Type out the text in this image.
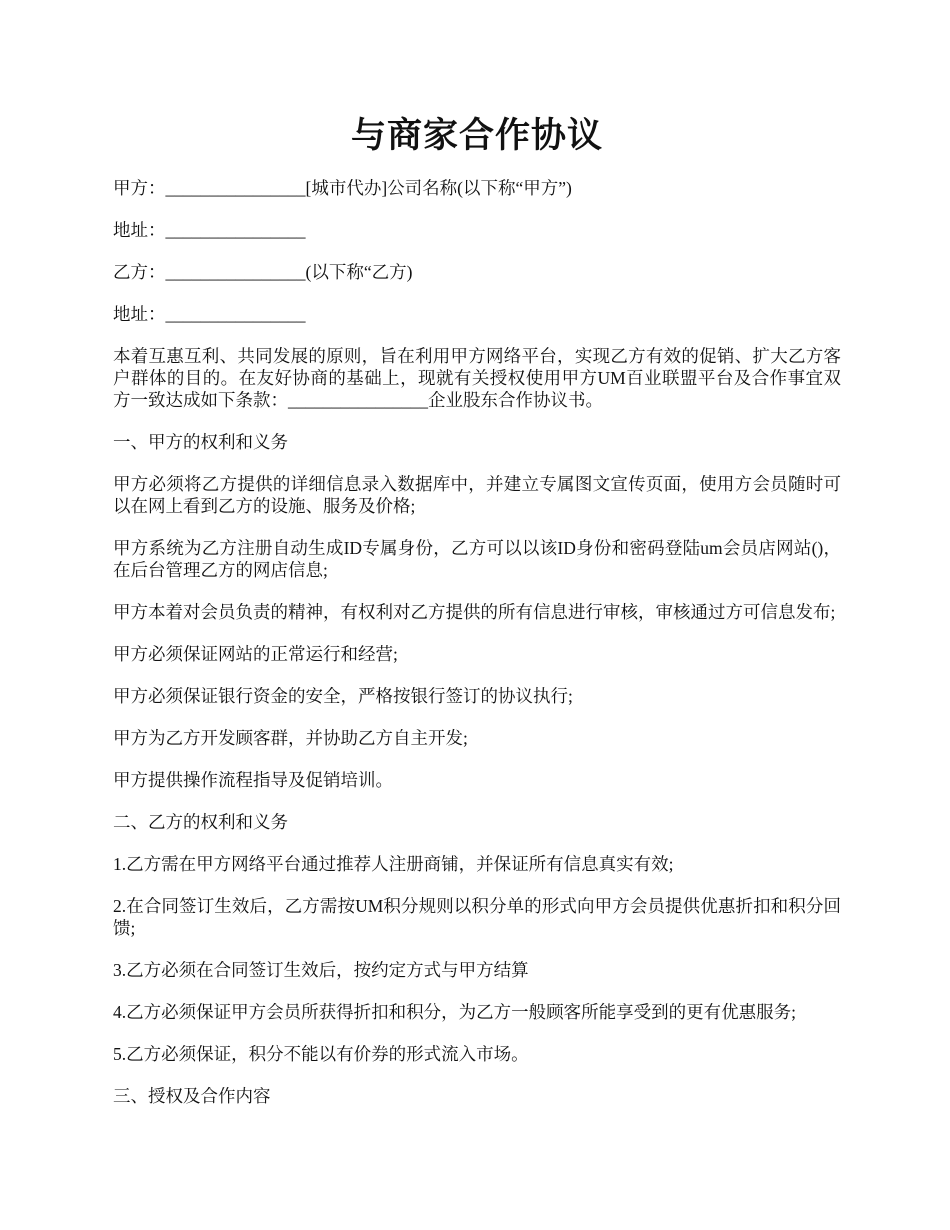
与商家合作协议

甲方：________________[城市代办]公司名称(以下称“甲方”)

地址：________________

乙方：________________(以下称“乙方)

地址：________________

本着互惠互利、共同发展的原则，旨在利用甲方网络平台，实现乙方有效的促销、扩大乙方客户群体的目的。在友好协商的基础上，现就有关授权使用甲方UM百业联盟平台及合作事宜双方一致达成如下条款：________________企业股东合作协议书。

一、甲方的权利和义务

甲方必须将乙方提供的详细信息录入数据库中，并建立专属图文宣传页面，使用方会员随时可以在网上看到乙方的设施、服务及价格;

甲方系统为乙方注册自动生成ID专属身份，乙方可以以该ID身份和密码登陆um会员店网站()，在后台管理乙方的网店信息;

甲方本着对会员负责的精神，有权利对乙方提供的所有信息进行审核，审核通过方可信息发布;

甲方必须保证网站的正常运行和经营;

甲方必须保证银行资金的安全，严格按银行签订的协议执行;

甲方为乙方开发顾客群，并协助乙方自主开发;

甲方提供操作流程指导及促销培训。

二、乙方的权利和义务

1.乙方需在甲方网络平台通过推荐人注册商铺，并保证所有信息真实有效;

2.在合同签订生效后，乙方需按UM积分规则以积分单的形式向甲方会员提供优惠折扣和积分回馈;

3.乙方必须在合同签订生效后，按约定方式与甲方结算

4.乙方必须保证甲方会员所获得折扣和积分，为乙方一般顾客所能享受到的更有优惠服务;

5.乙方必须保证，积分不能以有价券的形式流入市场。

三、授权及合作内容
